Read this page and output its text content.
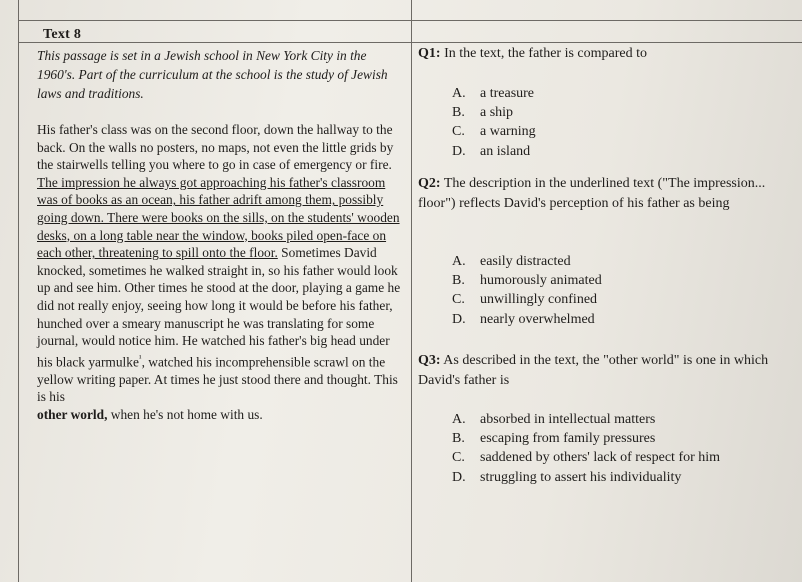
Text 8
This passage is set in a Jewish school in New York City in the 1960's. Part of the curriculum at the school is the study of Jewish laws and traditions.
His father's class was on the second floor, down the hallway to the back. On the walls no posters, no maps, not even the little grids by the stairwells telling you where to go in case of emergency or fire. The impression he always got approaching his father's classroom was of books as an ocean, his father adrift among them, possibly going down. There were books on the sills, on the students' wooden desks, on a long table near the window, books piled open-face on each other, threatening to spill onto the floor. Sometimes David knocked, sometimes he walked straight in, so his father would look up and see him. Other times he stood at the door, playing a game he did not really enjoy, seeing how long it would be before his father, hunched over a smeary manuscript he was translating for some journal, would notice him. He watched his father's big head under his black yarmulke$^{^1}$, watched his incomprehensible scrawl on the yellow writing paper. At times he just stood there and thought. This is his
other world, when he's not home with us.
Q1: In the text, the father is compared to
A. a treasure
B. a ship
C. a warning
D. an island
Q2: The description in the underlined text ("The impression... floor") reflects David's perception of his father as being
A. easily distracted
B. humorously animated
C. unwillingly confined
D. nearly overwhelmed
Q3: As described in the text, the "other world" is one in which David's father is
A. absorbed in intellectual matters
B. escaping from family pressures
C. saddened by others' lack of respect for him
D. struggling to assert his individuality
